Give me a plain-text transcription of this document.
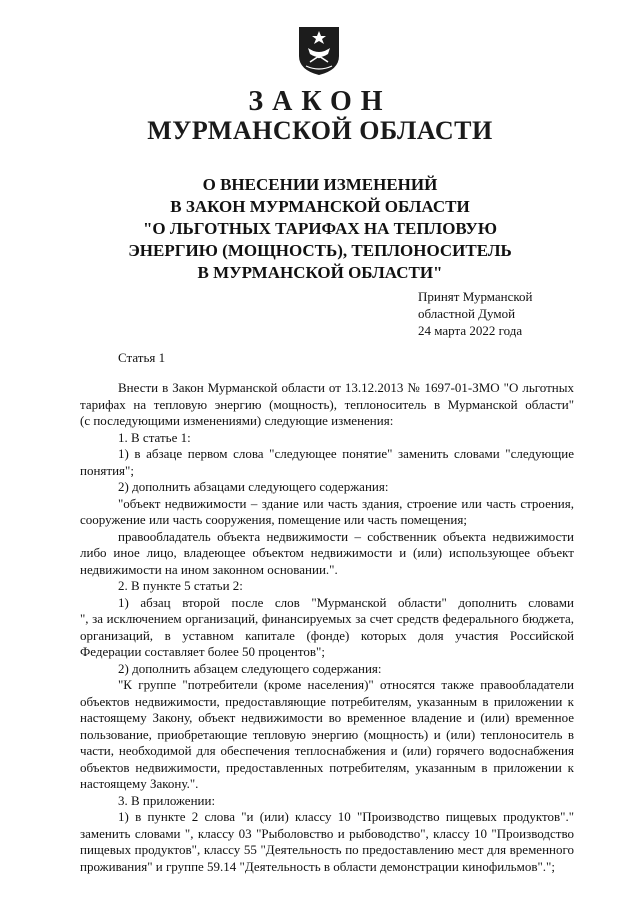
ЗАКОН
МУРМАНСКОЙ ОБЛАСТИ
О ВНЕСЕНИИ ИЗМЕНЕНИЙ
В ЗАКОН МУРМАНСКОЙ ОБЛАСТИ
"О ЛЬГОТНЫХ ТАРИФАХ НА ТЕПЛОВУЮ
ЭНЕРГИЮ (МОЩНОСТЬ), ТЕПЛОНОСИТЕЛЬ
В МУРМАНСКОЙ ОБЛАСТИ"
Принят Мурманской
областной Думой
24 марта 2022 года
Статья 1
Внести в Закон Мурманской области от 13.12.2013 № 1697-01-ЗМО "О льготных
тарифах на тепловую энергию (мощность), теплоноситель в Мурманской области"
(с последующими изменениями) следующие изменения:
1. В статье 1:
1) в абзаце первом слова "следующее понятие" заменить словами "следующие
понятия";
2) дополнить абзацами следующего содержания:
"объект недвижимости – здание или часть здания, строение или часть строения,
сооружение или часть сооружения, помещение или часть помещения;
правообладатель объекта недвижимости – собственник объекта недвижимости
либо иное лицо, владеющее объектом недвижимости и (или) использующее объект
недвижимости на ином законном основании.".
2. В пункте 5 статьи 2:
1) абзац второй после слов "Мурманской области" дополнить словами
", за исключением организаций, финансируемых за счет средств федерального бюджета,
организаций, в уставном капитале (фонде) которых доля участия Российской
Федерации составляет более 50 процентов";
2) дополнить абзацем следующего содержания:
"К группе "потребители (кроме населения)" относятся также правообладатели
объектов недвижимости, предоставляющие потребителям, указанным в приложении к
настоящему Закону, объект недвижимости во временное владение и (или) временное
пользование, приобретающие тепловую энергию (мощность) и (или) теплоноситель в
части, необходимой для обеспечения теплоснабжения и (или) горячего водоснабжения
объектов недвижимости, предоставленных потребителям, указанным в приложении к
настоящему Закону.".
3. В приложении:
1) в пункте 2 слова "и (или) классу 10 "Производство пищевых продуктов"."
заменить словами ", классу 03 "Рыболовство и рыбоводство", классу 10 "Производство
пищевых продуктов", классу 55 "Деятельность по предоставлению мест для временного
проживания" и группе 59.14 "Деятельность в области демонстрации кинофильмов".";
